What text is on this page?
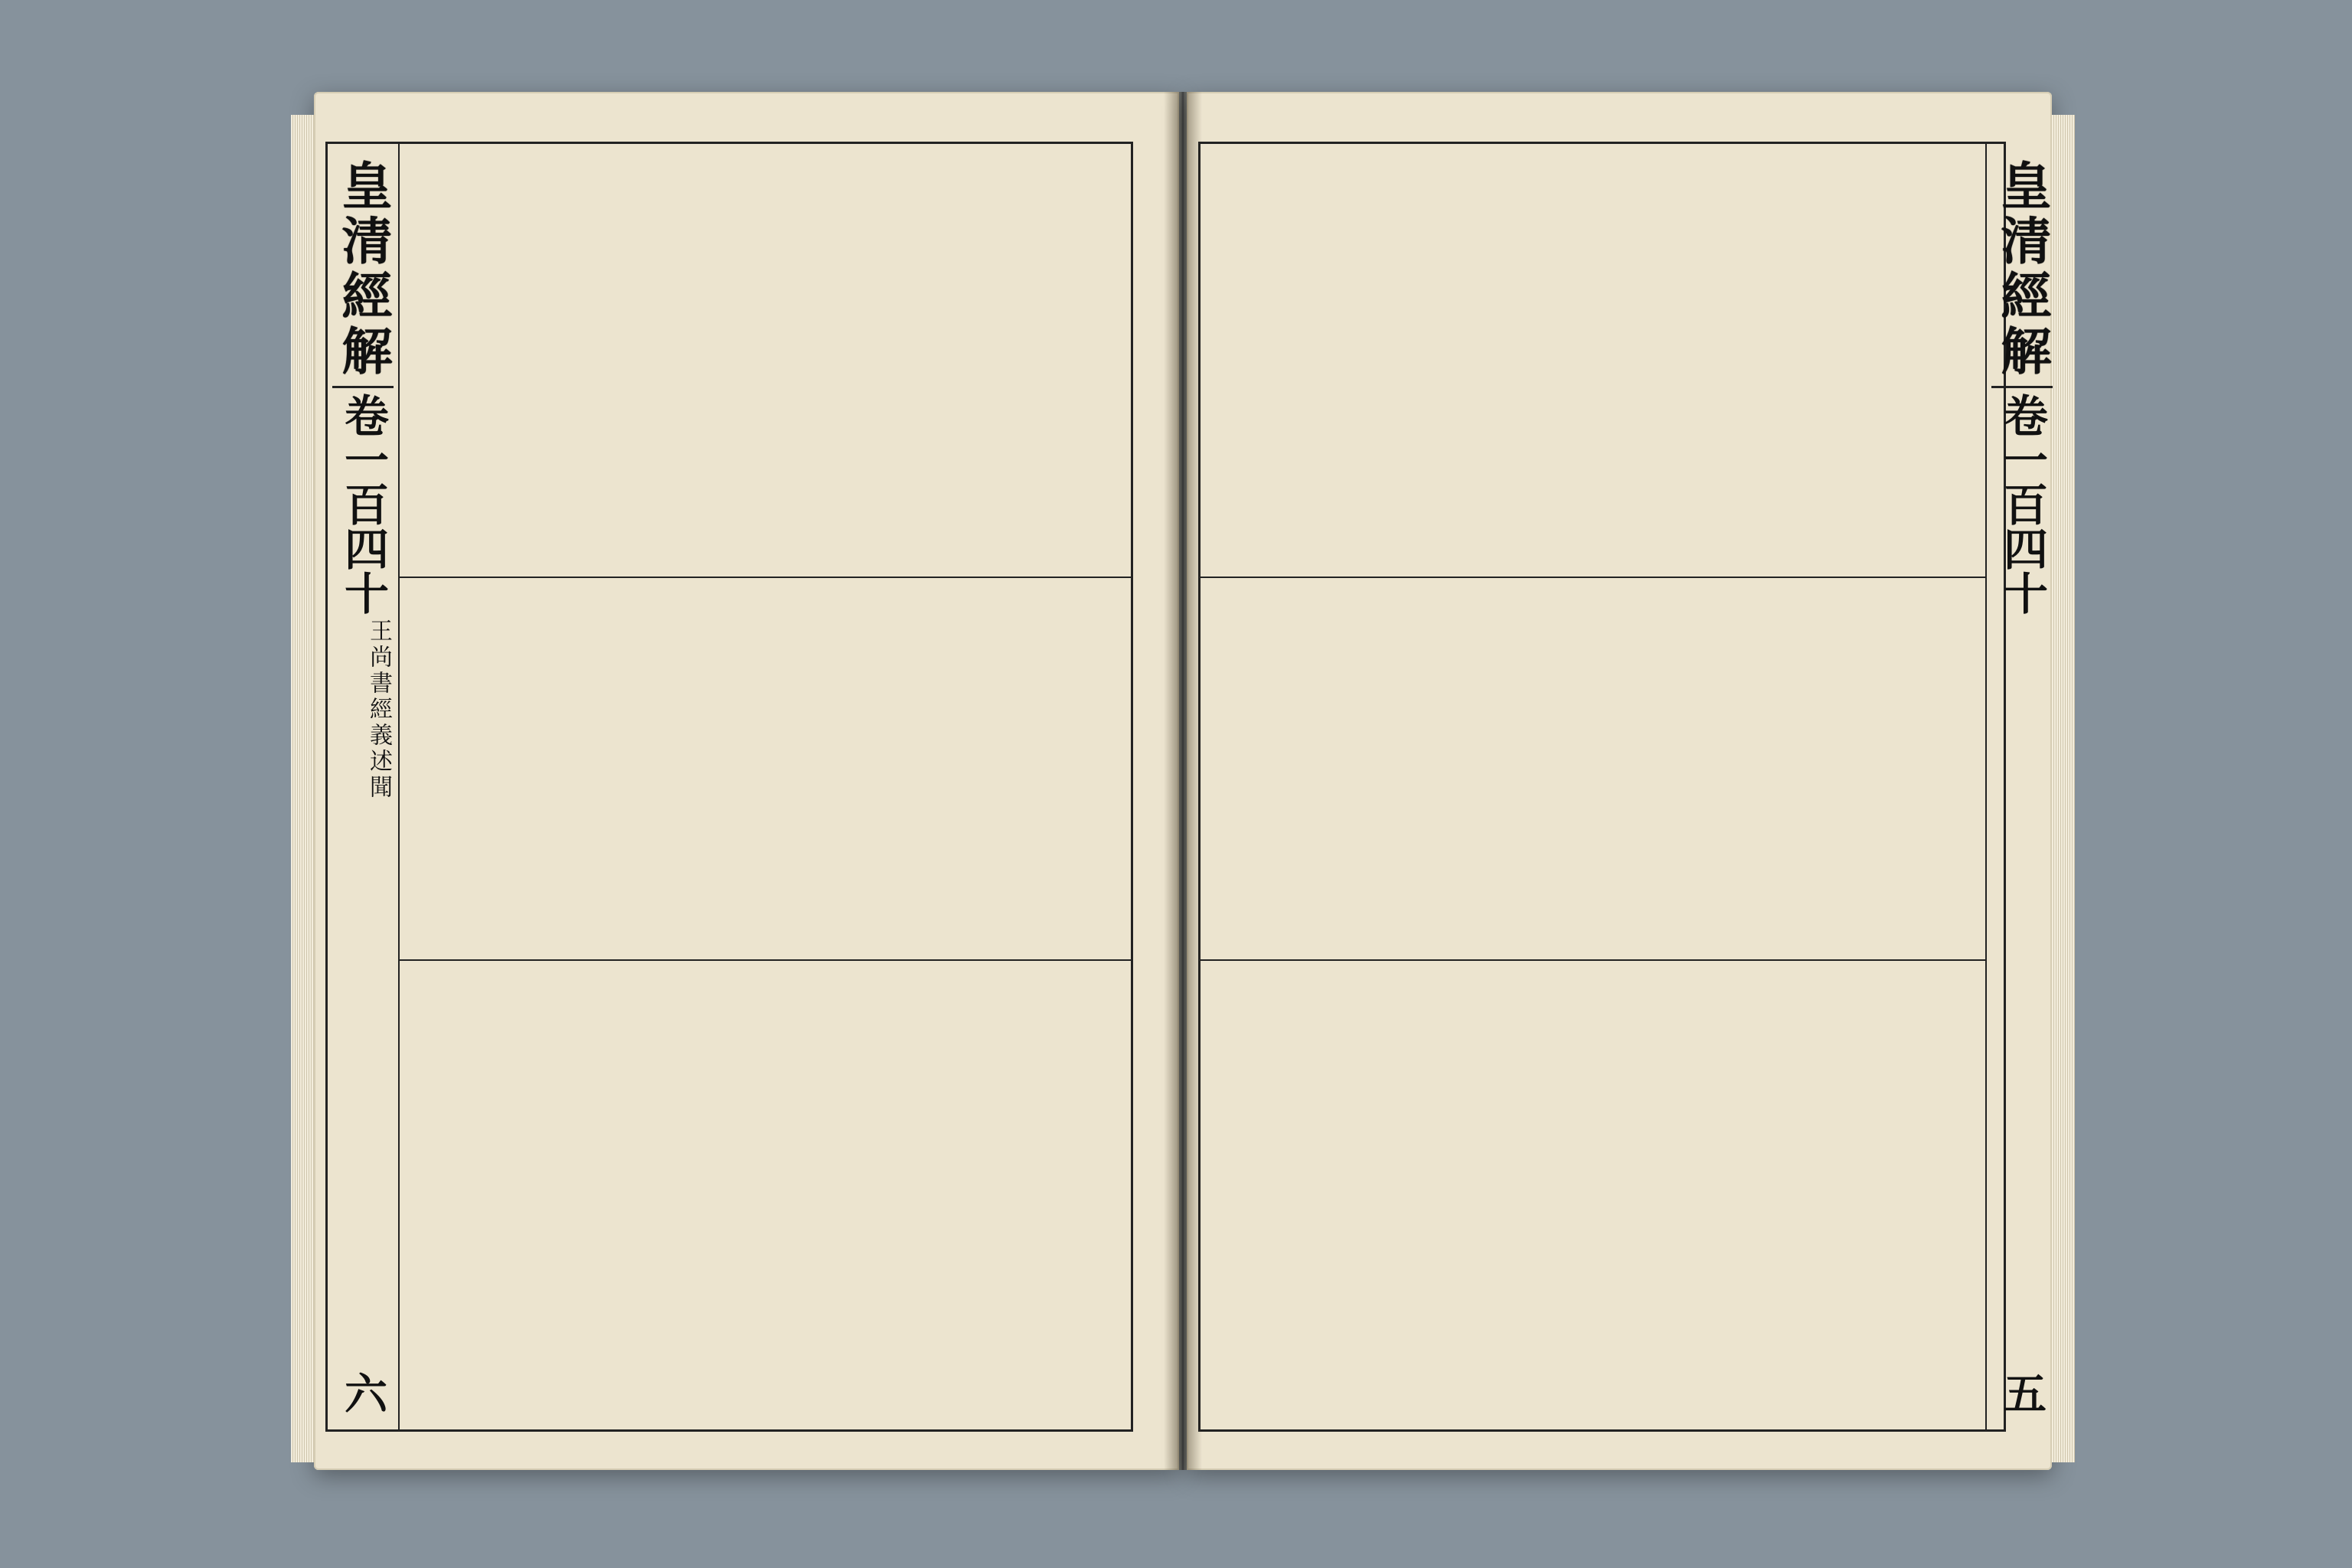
皇清經解
卷一百四十
王尚書經義述聞
六
皇清經解
卷一百四十
五
